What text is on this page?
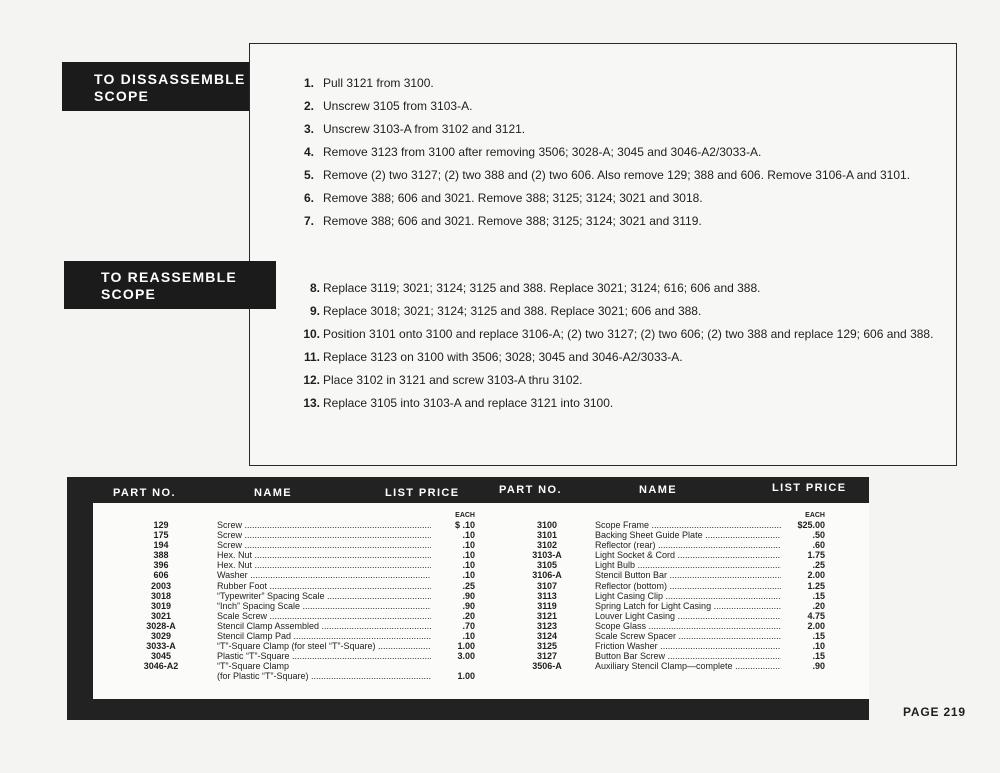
TO DISSASSEMBLE
SCOPE
TO REASSEMBLE
SCOPE
1. Pull 3121 from 3100.
2. Unscrew 3105 from 3103-A.
3. Unscrew 3103-A from 3102 and 3121.
4. Remove 3123 from 3100 after removing 3506; 3028-A; 3045 and 3046-A2/3033-A.
5. Remove (2) two 3127; (2) two 388 and (2) two 606. Also remove 129; 388 and 606. Remove 3106-A and 3101.
6. Remove 388; 606 and 3021. Remove 388; 3125; 3124; 3021 and 3018.
7. Remove 388; 606 and 3021. Remove 388; 3125; 3124; 3021 and 3119.
8. Replace 3119; 3021; 3124; 3125 and 388. Replace 3021; 3124; 616; 606 and 388.
9. Replace 3018; 3021; 3124; 3125 and 388. Replace 3021; 606 and 388.
10. Position 3101 onto 3100 and replace 3106-A; (2) two 3127; (2) two 606; (2) two 388 and replace 129; 606 and 388.
11. Replace 3123 on 3100 with 3506; 3028; 3045 and 3046-A2/3033-A.
12. Place 3102 in 3121 and screw 3103-A thru 3102.
13. Replace 3105 into 3103-A and replace 3121 into 3100.
PART NO.	NAME	LIST PRICE	PART NO.	NAME	LIST PRICE
EACH
129	Screw .....	$ .10
175	Screw .....	.10
194	Screw .....	.10
388	Hex. Nut .....	.10
396	Hex. Nut .....	.10
606	Washer .....	.10
2003	Rubber Foot .....	.25
3018	“Typewriter” Spacing Scale .....	.90
3019	“Inch” Spacing Scale .....	.90
3021	Scale Screw .....	.20
3028-A	Stencil Clamp Assembled .....	.70
3029	Stencil Clamp Pad .....	.10
3033-A	“T”-Square Clamp (for steel “T”-Square) .....	1.00
3045	Plastic “T”-Square .....	3.00
3046-A2	“T”-Square Clamp
(for Plastic “T”-Square) .....	1.00
EACH
3100	Scope Frame .....	$25.00
3101	Backing Sheet Guide Plate .....	.50
3102	Reflector (rear) .....	.60
3103-A	Light Socket & Cord .....	1.75
3105	Light Bulb .....	.25
3106-A	Stencil Button Bar .....	2.00
3107	Reflector (bottom) .....	1.25
3113	Light Casing Clip .....	.15
3119	Spring Latch for Light Casing .....	.20
3121	Louver Light Casing .....	4.75
3123	Scope Glass .....	2.00
3124	Scale Screw Spacer .....	.15
3125	Friction Washer .....	.10
3127	Button Bar Screw .....	.15
3506-A	Auxiliary Stencil Clamp—complete .....	.90
PAGE 219
